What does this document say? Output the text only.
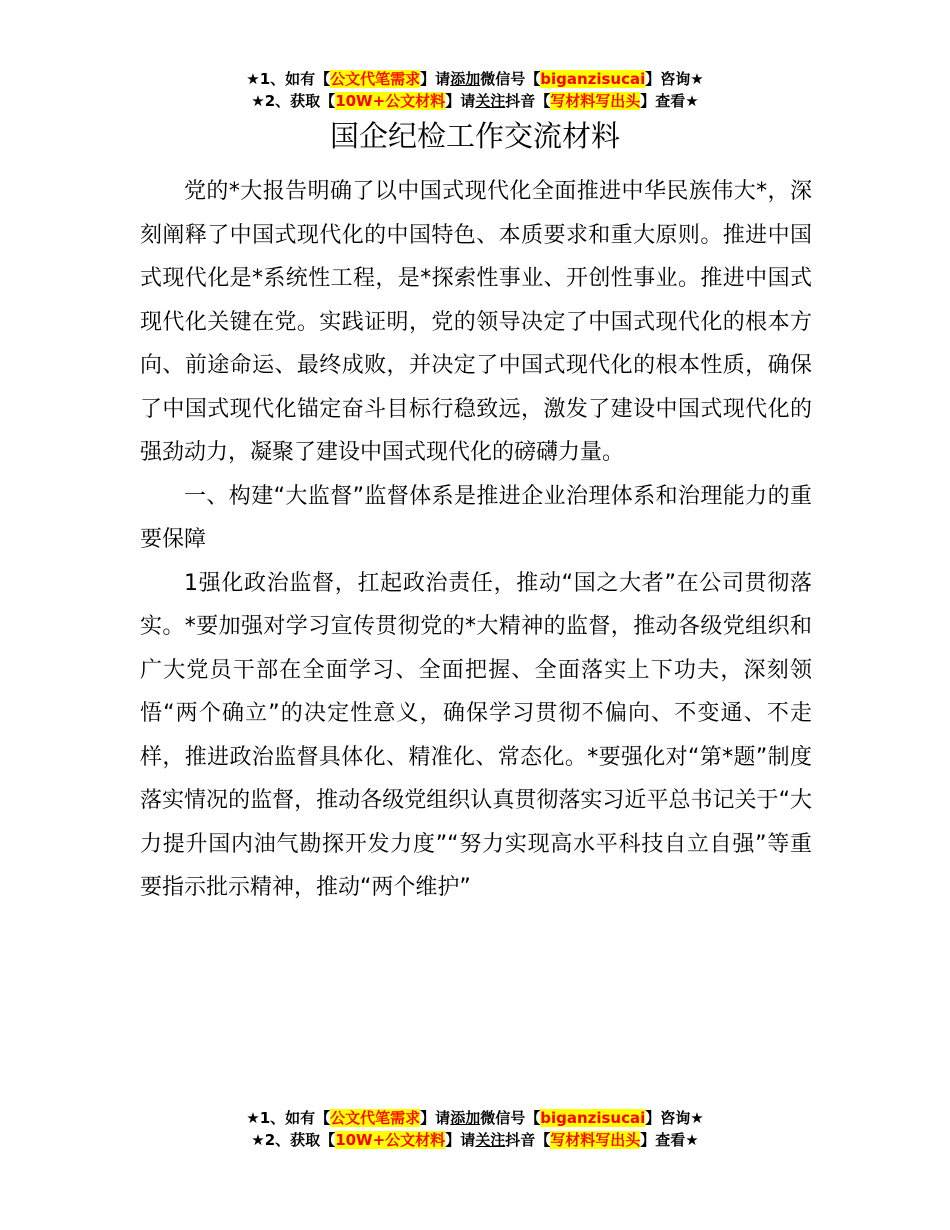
★1、如有【公文代笔需求】请添加微信号【biganzisucai】咨询★
★2、获取【10W+公文材料】请关注抖音【写材料写出头】查看★
国企纪检工作交流材料

党的*大报告明确了以中国式现代化全面推进中华民族伟大*，深刻阐释了中国式现代化的中国特色、本质要求和重大原则。推进中国式现代化是*系统性工程，是*探索性事业、开创性事业。推进中国式现代化关键在党。实践证明，党的领导决定了中国式现代化的根本方向、前途命运、最终成败，并决定了中国式现代化的根本性质，确保了中国式现代化锚定奋斗目标行稳致远，激发了建设中国式现代化的强劲动力，凝聚了建设中国式现代化的磅礴力量。

一、构建“大监督”监督体系是推进企业治理体系和治理能力的重要保障

1强化政治监督，扛起政治责任，推动“国之大者”在公司贯彻落实。*要加强对学习宣传贯彻党的*大精神的监督，推动各级党组织和广大党员干部在全面学习、全面把握、全面落实上下功夫，深刻领悟“两个确立”的决定性意义，确保学习贯彻不偏向、不变通、不走样，推进政治监督具体化、精准化、常态化。*要强化对“第*题”制度落实情况的监督，推动各级党组织认真贯彻落实习近平总书记关于“大力提升国内油气勘探开发力度”“努力实现高水平科技自立自强”等重要指示批示精神，推动“两个维护”

★1、如有【公文代笔需求】请添加微信号【biganzisucai】咨询★
★2、获取【10W+公文材料】请关注抖音【写材料写出头】查看★
